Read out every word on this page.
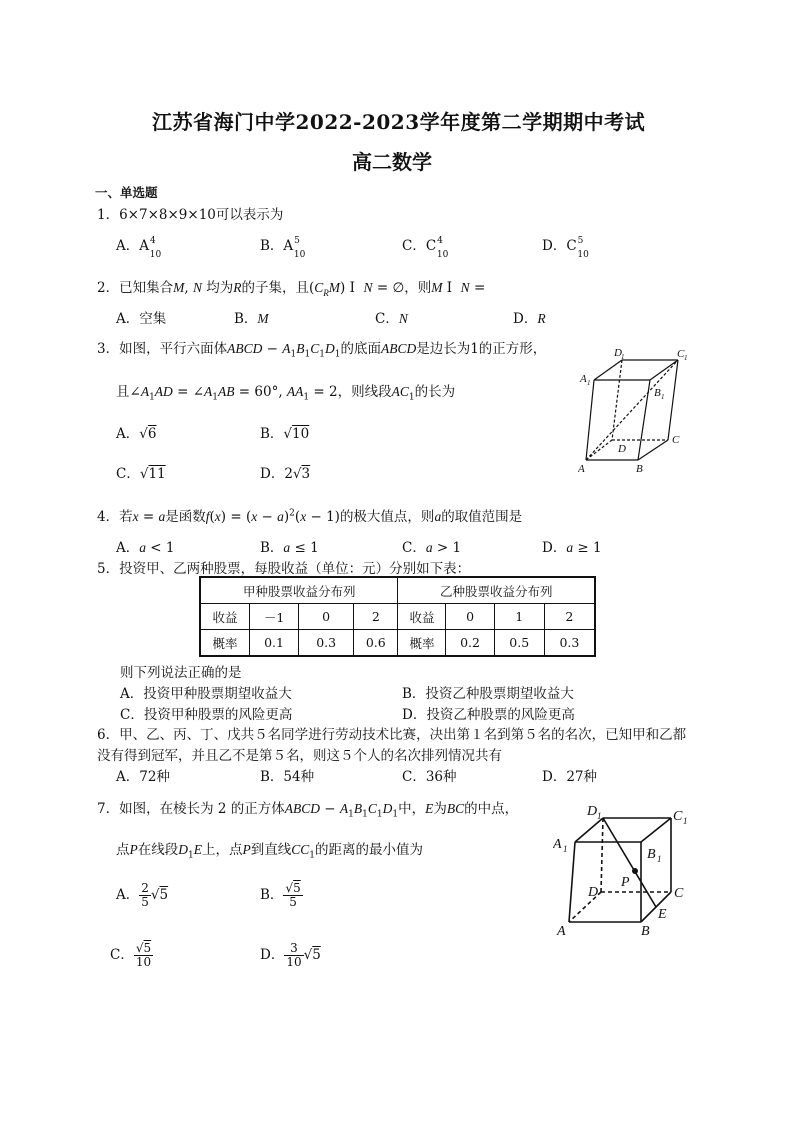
江苏省海门中学2022-2023学年度第二学期期中考试
高二数学
一、单选题
1．6×7×8×9×10可以表示为
A．$A^4_{10}$
B．$A^5_{10}$
C．$C^4_{10}$
D．$C^5_{10}$
2．已知集合M, N 均为R的子集，且$(C_RM)$ I  N = ∅，则M I  N =
A．空集	B．M	C．N	D．R
3．如图，平行六面体ABCD − $A_1B_1C_1D_1$的底面ABCD是边长为1的正方形，
且$\angle A_1AD$ = $\angle A_1AB = 60^\circ$, $AA_1 = 2$，则线段$AC_1$的长为
A．√6	B．√10
C．√11	D．2√3
D 1	C 1
A 1
B 1
C
D
A	B
4．若x = a是函数$f(x) = (x - a)^2(x - 1)$的极大值点，则a的取值范围是
A．a < 1	B．a ≤ 1	C．a > 1	D．a ≥ 1
5．投资甲、乙两种股票，每股收益（单位：元）分别如下表：
甲种股票收益分布列				乙种股票收益分布列			
收益	－1	0	2	收益	0	1	2
概率	0.1	0.3	0.6	概率	0.2	0.5	0.3
则下列说法正确的是
A．投资甲种股票期望收益大	B．投资乙种股票期望收益大
C．投资甲种股票的风险更高	D．投资乙种股票的风险更高
6．甲、乙、丙、丁、戊共５名同学进行劳动技术比赛，决出第１名到第５名的名次，已知甲和乙都
没有得到冠军，并且乙不是第５名，则这５个人的名次排列情况共有
A．72种	B．54种	C．36种	D．27种
7．如图，在棱长为 2 的正方体ABCD − $A_1B_1C_1D_1$中，E为BC的中点，
点P在线段$D_1E$上，点P到直线$CC_1$的距离的最小值为
A． $\frac{2}{5} √5$	B． $\frac{√5}{5}$
C． $\frac{√5}{10}$	D． $\frac{3}{10} √5$
D 1	C 1
A 1	B 1
D
P
C
E
A	B
